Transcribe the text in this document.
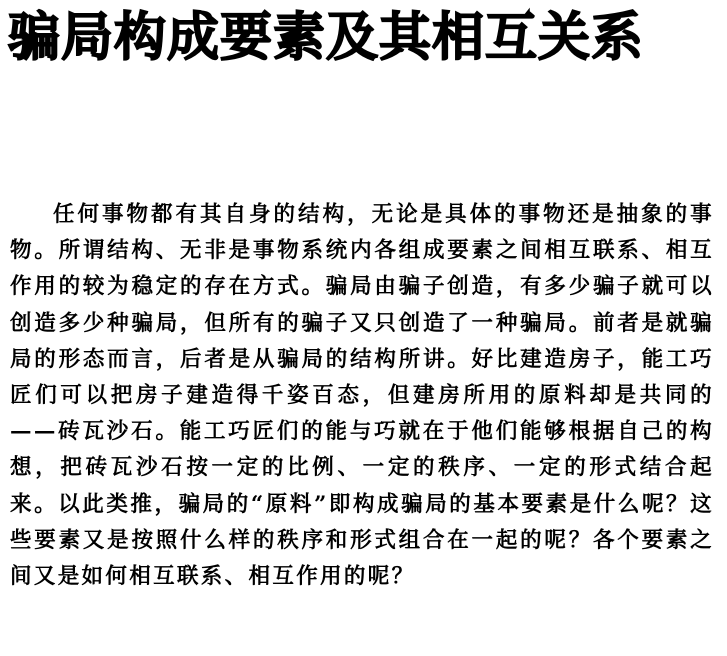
骗局构成要素及其相互关系

任何事物都有其自身的结构，无论是具体的事物还是抽象的事物。所谓结构、无非是事物系统内各组成要素之间相互联系、相互作用的较为稳定的存在方式。骗局由骗子创造，有多少骗子就可以创造多少种骗局，但所有的骗子又只创造了一种骗局。前者是就骗局的形态而言，后者是从骗局的结构所讲。好比建造房子，能工巧匠们可以把房子建造得千姿百态，但建房所用的原料却是共同的——砖瓦沙石。能工巧匠们的能与巧就在于他们能够根据自己的构想，把砖瓦沙石按一定的比例、一定的秩序、一定的形式结合起来。以此类推，骗局的“原料”即构成骗局的基本要素是什么呢？这些要素又是按照什么样的秩序和形式组合在一起的呢？各个要素之间又是如何相互联系、相互作用的呢？
